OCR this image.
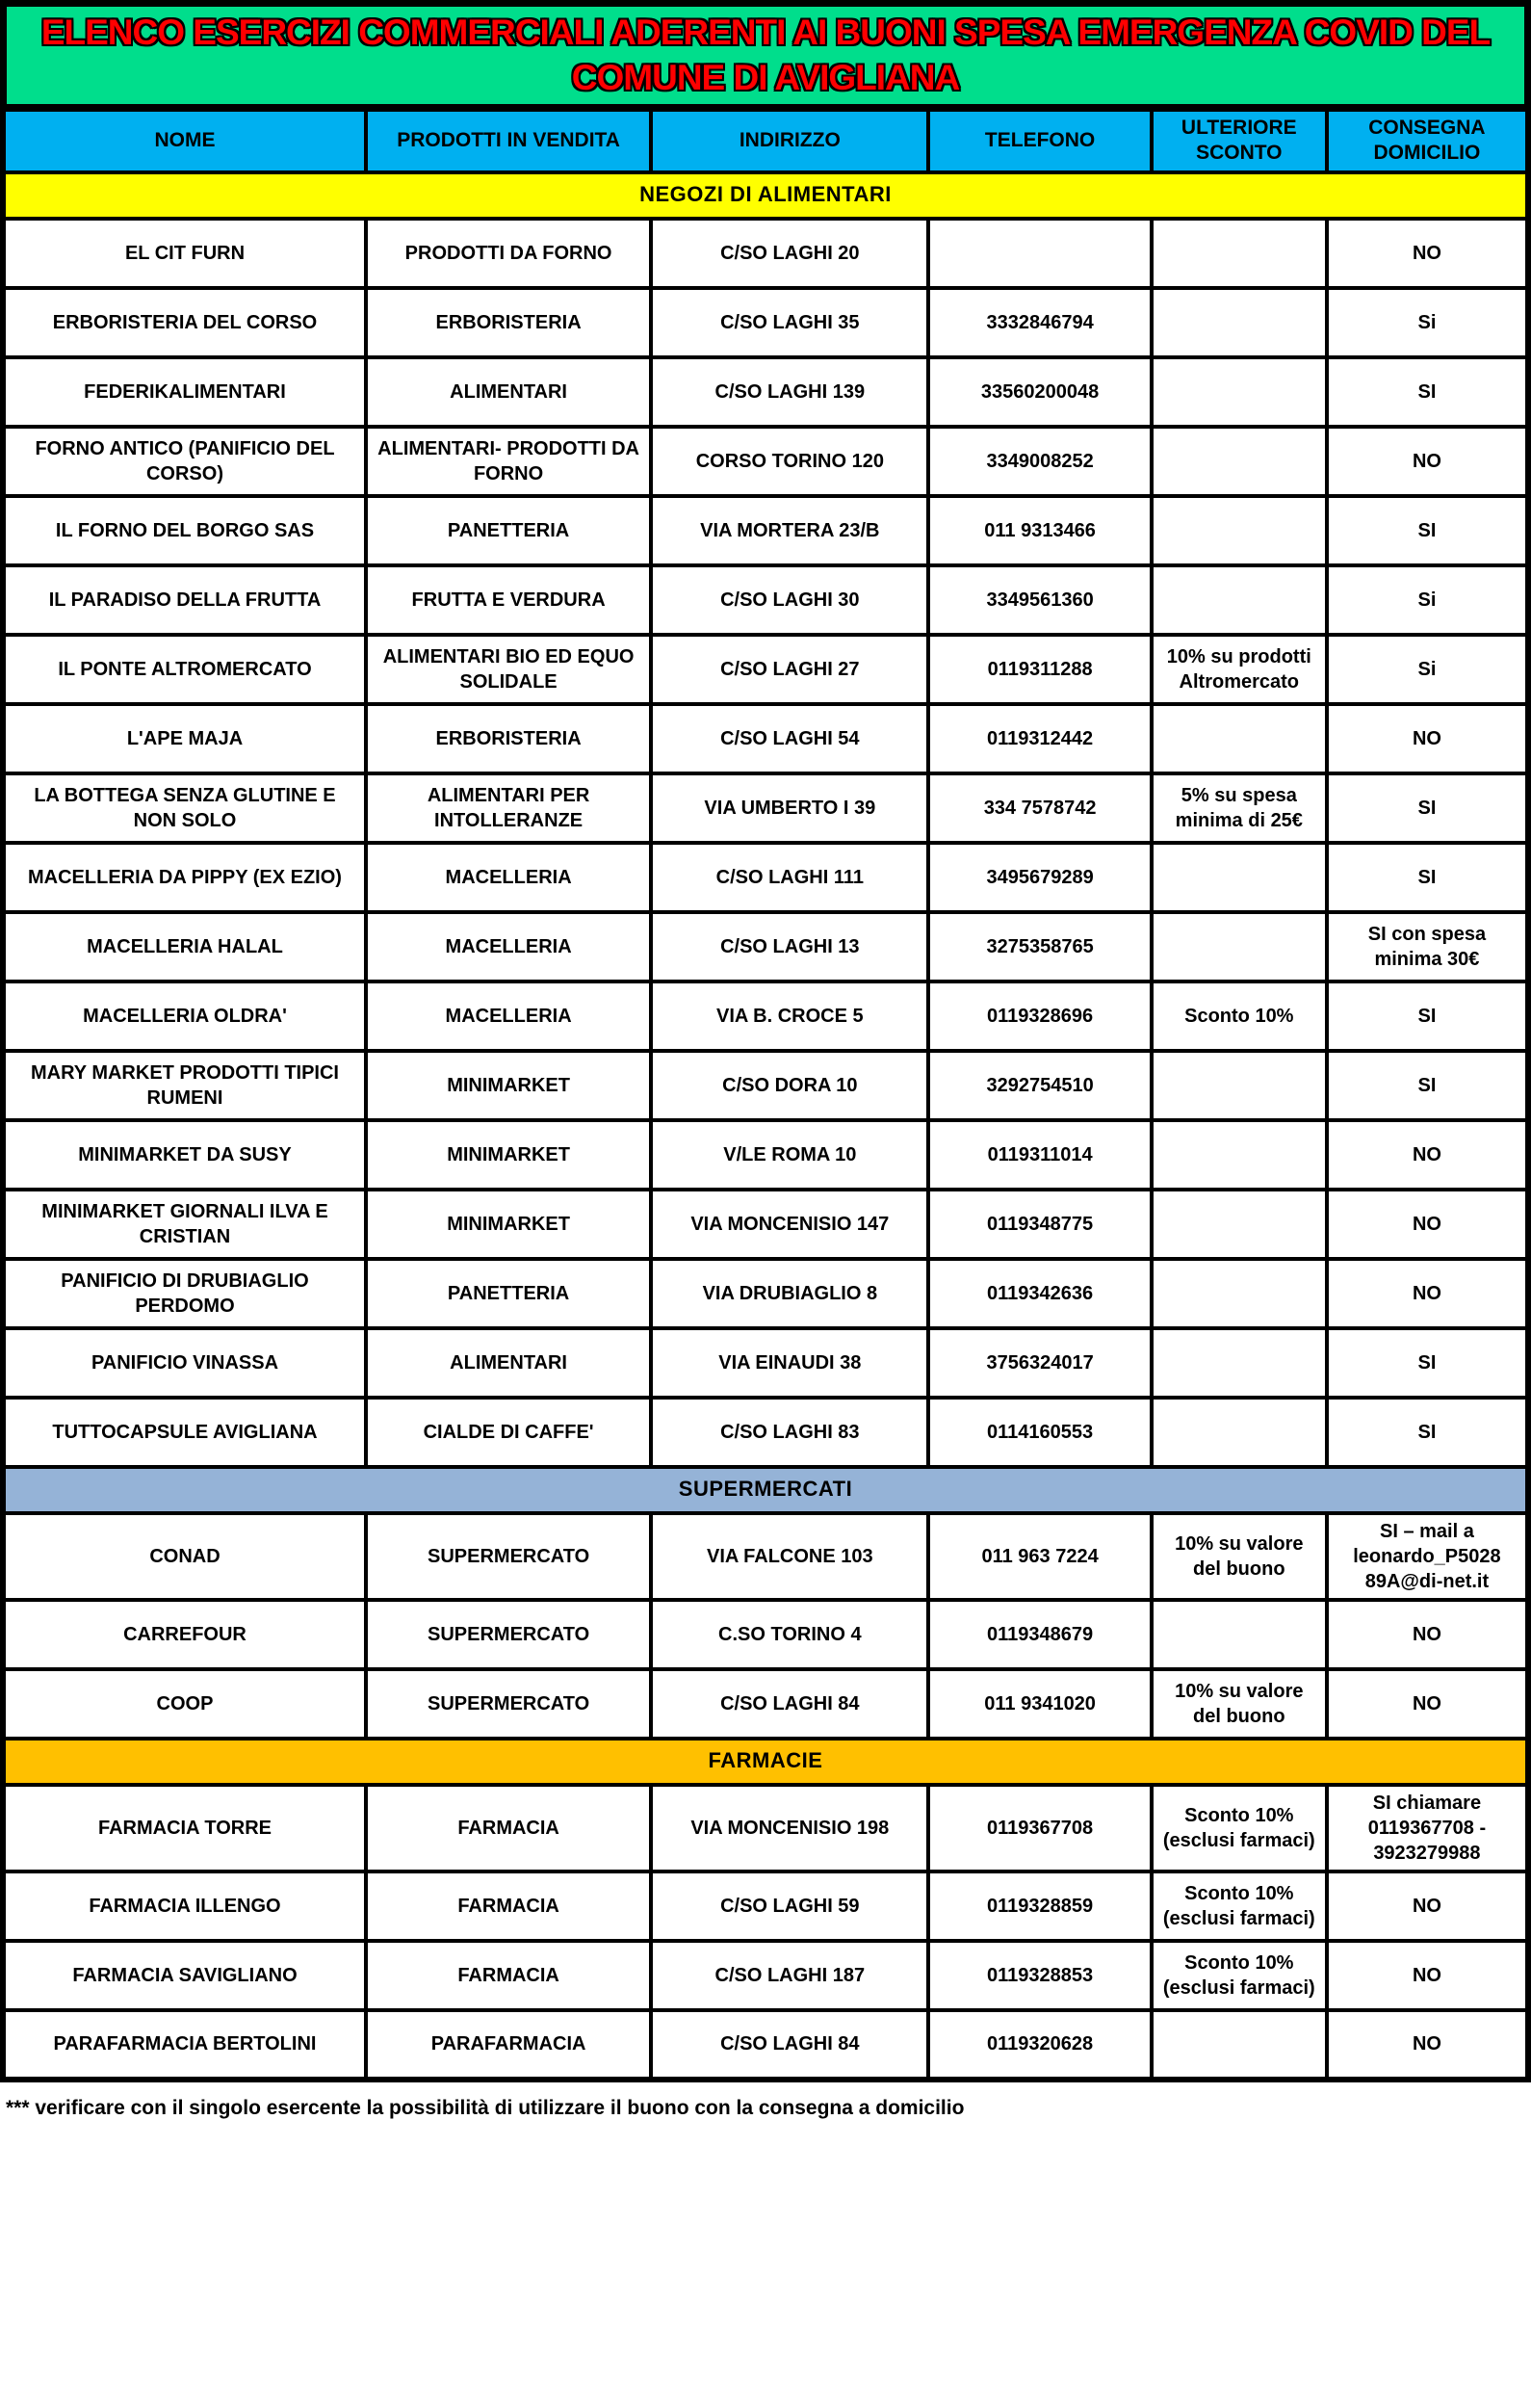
ELENCO ESERCIZI COMMERCIALI ADERENTI AI BUONI SPESA EMERGENZA COVID DEL
COMUNE DI AVIGLIANA
NOME	PRODOTTI IN VENDITA	INDIRIZZO	TELEFONO	ULTERIORE SCONTO	CONSEGNA DOMICILIO
NEGOZI DI ALIMENTARI					
EL CIT FURN	PRODOTTI DA FORNO	C/SO LAGHI 20			NO
ERBORISTERIA DEL CORSO	ERBORISTERIA	C/SO LAGHI 35	3332846794		Si
FEDERIKALIMENTARI	ALIMENTARI	C/SO LAGHI 139	33560200048		SI
FORNO ANTICO (PANIFICIO DEL CORSO)	ALIMENTARI- PRODOTTI DA FORNO	CORSO TORINO 120	3349008252		NO
IL FORNO DEL BORGO SAS	PANETTERIA	VIA MORTERA 23/B	011 9313466		SI
IL PARADISO DELLA FRUTTA	FRUTTA E VERDURA	C/SO LAGHI 30	3349561360		Si
IL PONTE ALTROMERCATO	ALIMENTARI BIO ED EQUO SOLIDALE	C/SO LAGHI 27	0119311288	10% su prodotti Altromercato	Si
L'APE MAJA	ERBORISTERIA	C/SO LAGHI 54	0119312442		NO
LA BOTTEGA SENZA GLUTINE E NON SOLO	ALIMENTARI PER INTOLLERANZE	VIA UMBERTO I 39	334 7578742	5% su spesa minima di 25€	SI
MACELLERIA DA PIPPY (EX EZIO)	MACELLERIA	C/SO LAGHI 111	3495679289		SI
MACELLERIA HALAL	MACELLERIA	C/SO LAGHI 13	3275358765		SI con spesa minima 30€
MACELLERIA OLDRA'	MACELLERIA	VIA B. CROCE 5	0119328696	Sconto 10%	SI
MARY MARKET PRODOTTI TIPICI RUMENI	MINIMARKET	C/SO DORA 10	3292754510		SI
MINIMARKET DA SUSY	MINIMARKET	V/LE ROMA 10	0119311014		NO
MINIMARKET GIORNALI ILVA E CRISTIAN	MINIMARKET	VIA MONCENISIO 147	0119348775		NO
PANIFICIO DI DRUBIAGLIO PERDOMO	PANETTERIA	VIA DRUBIAGLIO 8	0119342636		NO
PANIFICIO VINASSA	ALIMENTARI	VIA EINAUDI 38	3756324017		SI
TUTTOCAPSULE AVIGLIANA	CIALDE DI CAFFE'	C/SO LAGHI 83	0114160553		SI
SUPERMERCATI					
CONAD	SUPERMERCATO	VIA FALCONE 103	011 963 7224	10% su valore del buono	SI – mail a leonardo_P5028 89A@di-net.it
CARREFOUR	SUPERMERCATO	C.SO TORINO 4	0119348679		NO
COOP	SUPERMERCATO	C/SO LAGHI 84	011 9341020	10% su valore del buono	NO
FARMACIE					
FARMACIA TORRE	FARMACIA	VIA MONCENISIO 198	0119367708	Sconto 10% (esclusi farmaci)	SI chiamare 0119367708 - 3923279988
FARMACIA ILLENGO	FARMACIA	C/SO LAGHI 59	0119328859	Sconto 10% (esclusi farmaci)	NO
FARMACIA SAVIGLIANO	FARMACIA	C/SO LAGHI 187	0119328853	Sconto 10% (esclusi farmaci)	NO
PARAFARMACIA BERTOLINI	PARAFARMACIA	C/SO LAGHI 84	0119320628		NO
*** verificare con il singolo esercente la possibilità di utilizzare il buono con la consegna a domicilio
